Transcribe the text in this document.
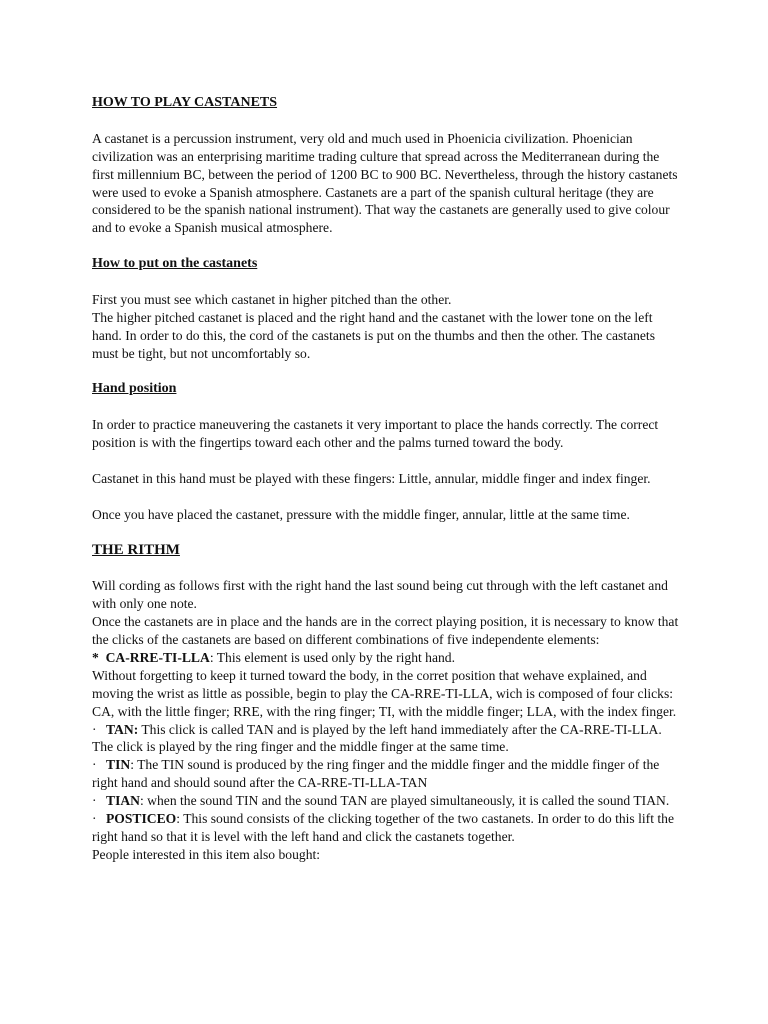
HOW TO PLAY CASTANETS

A castanet is a percussion instrument, very old and much used in Phoenicia civilization. Phoenician civilization was an enterprising maritime trading culture that spread across the Mediterranean during the first millennium BC, between the period of 1200 BC to 900 BC. Nevertheless, through the history castanets were used to evoke a Spanish atmosphere. Castanets are a part of the spanish cultural heritage (they are considered to be the spanish national instrument). That way the castanets are generally used to give colour and to evoke a Spanish musical atmosphere.

How to put on the castanets

First you must see which castanet in higher pitched than the other.

The higher pitched castanet is placed and the right hand and the castanet with the lower tone on the left hand. In order to do this, the cord of the castanets is put on the thumbs and then the other. The castanets must be tight, but not uncomfortably so.

Hand position

In order to practice maneuvering the castanets it very important to place the hands correctly. The correct position is with the fingertips toward each other and the palms turned toward the body.

Castanet in this hand must be played with these fingers: Little, annular, middle finger and index finger.

Once you have placed the castanet, pressure with the middle finger, annular, little at the same time.

THE RITHM

Will cording as follows first with the right hand the last sound being cut through with the left castanet and with only one note.

Once the castanets are in place and the hands are in the correct playing position, it is necessary to know that the clicks of the castanets are based on different combinations of five independente elements:

* CA-RRE-TI-LLA: This element is used only by the right hand.

Without forgetting to keep it turned toward the body, in the corret position that wehave explained, and moving the wrist as little as possible, begin to play the CA-RRE-TI-LLA, wich is composed of four clicks: CA, with the little finger; RRE, with the ring finger; TI, with the middle finger; LLA, with the index finger.

· TAN: This click is called TAN and is played by the left hand immediately after the CA-RRE-TI-LLA. The click is played by the ring finger and the middle finger at the same time.

· TIN: The TIN sound is produced by the ring finger and the middle finger and the middle finger of the right hand and should sound after the CA-RRE-TI-LLA-TAN

· TIAN: when the sound TIN and the sound TAN are played simultaneously, it is called the sound TIAN.

· POSTICEO: This sound consists of the clicking together of the two castanets. In order to do this lift the right hand so that it is level with the left hand and click the castanets together.

People interested in this item also bought:
